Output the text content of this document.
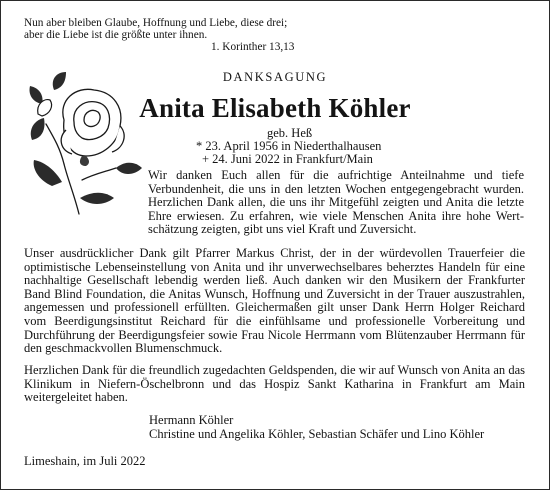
Nun aber bleiben Glaube, Hoffnung und Liebe, diese drei;
aber die Liebe ist die größte unter ihnen.
1. Korinther 13,13
DANKSAGUNG
Anita Elisabeth Köhler
geb. Heß
* 23. April 1956 in Niederthalhausen
+ 24. Juni 2022 in Frankfurt/Main
Wir danken Euch allen für die aufrichtige Anteilnahme und tiefe Verbundenheit, die uns in den letzten Wochen entgegengebracht wurden. Herzlichen Dank allen, die uns ihr Mitgefühl zeigten und Anita die letzte Ehre erwiesen. Zu erfahren, wie viele Menschen Anita ihre hohe Wertschätzung zeigten, gibt uns viel Kraft und Zuversicht.
Unser ausdrücklicher Dank gilt Pfarrer Markus Christ, der in der würdevollen Trauerfeier die optimistische Lebenseinstellung von Anita und ihr unverwechselbares beherztes Handeln für eine nachhaltige Gesellschaft lebendig werden ließ. Auch danken wir den Musikern der Frankfurter Band Blind Foundation, die Anitas Wunsch, Hoffnung und Zuversicht in der Trauer auszustrahlen, angemessen und professionell erfüllten. Gleichermaßen gilt unser Dank Herrn Holger Reichard vom Beerdigungsinstitut Reichard für die einfühlsame und professionelle Vorbereitung und Durchführung der Beerdigungsfeier sowie Frau Nicole Herrmann vom Blütenzauber Herrmann für den geschmackvollen Blumenschmuck.
Herzlichen Dank für die freundlich zugedachten Geldspenden, die wir auf Wunsch von Anita an das Klinikum in Niefern-Öschelbronn und das Hospiz Sankt Katharina in Frankfurt am Main weitergeleitet haben.
Hermann Köhler
Christine und Angelika Köhler, Sebastian Schäfer und Lino Köhler
Limeshain, im Juli 2022
